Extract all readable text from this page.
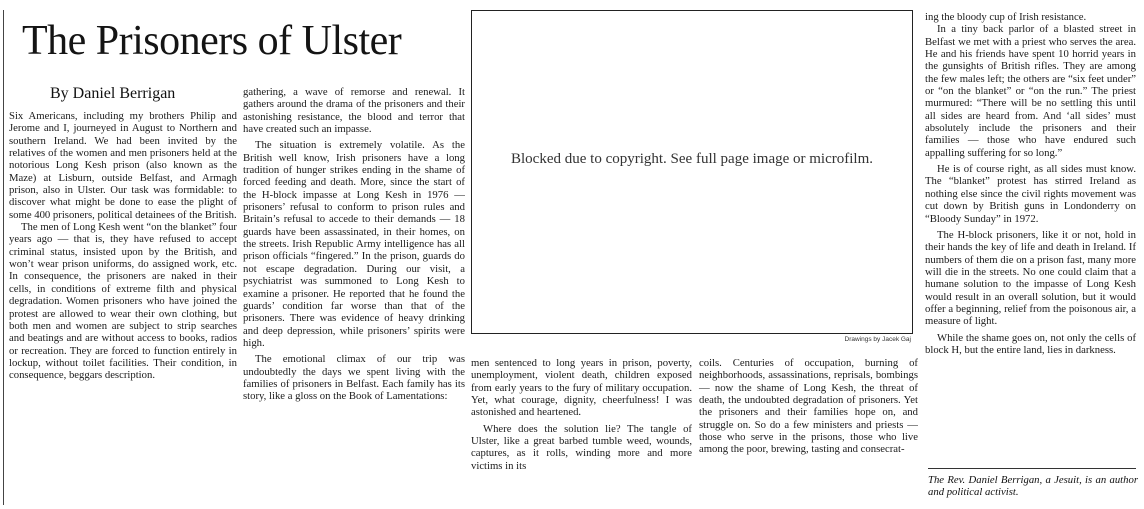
The Prisoners of Ulster
By Daniel Berrigan

Six Americans, including my brothers Philip and Jerome and I, journeyed in August to Northern and southern Ireland. We had been invited by the relatives of the women and men prisoners held at the notorious Long Kesh prison (also known as the Maze) at Lisburn, outside Belfast, and Armagh prison, also in Ulster. Our task was formidable: to discover what might be done to ease the plight of some 400 prisoners, political detainees of the British.

The men of Long Kesh went “on the blanket” four years ago — that is, they have refused to accept criminal status, insisted upon by the British, and won’t wear prison uniforms, do assigned work, etc. In consequence, the prisoners are naked in their cells, in conditions of extreme filth and physical degradation. Women prisoners who have joined the protest are allowed to wear their own clothing, but both men and women are subject to strip searches and beatings and are without access to books, radios or recreation. They are forced to function entirely in lockup, without toilet facilities. Their condition, in consequence, beggars description.

gathering, a wave of remorse and renewal. It gathers around the drama of the prisoners and their astonishing resistance, the blood and terror that have created such an impasse.

The situation is extremely volatile. As the British well know, Irish prisoners have a long tradition of hunger strikes ending in the shame of forced feeding and death. More, since the start of the H-block impasse at Long Kesh in 1976 — prisoners’ refusal to conform to prison rules and Britain’s refusal to accede to their demands — 18 guards have been assassinated, in their homes, on the streets. Irish Republic Army intelligence has all prison officials “fingered.” In the prison, guards do not escape degradation. During our visit, a psychiatrist was summoned to Long Kesh to examine a prisoner. He reported that he found the guards’ condition far worse than that of the prisoners. There was evidence of heavy drinking and deep depression, while prisoners’ spirits were high.

The emotional climax of our trip was undoubtedly the days we spent living with the families of prisoners in Belfast. Each family has its story, like a gloss on the Book of Lamentations:

Blocked due to copyright. See full page image or microfilm.
Drawings by Jacek Gaj

men sentenced to long years in prison, poverty, unemployment, violent death, children exposed from early years to the fury of military occupation. Yet, what courage, dignity, cheerfulness! I was astonished and heartened.

Where does the solution lie? The tangle of Ulster, like a great barbed tumble weed, wounds, captures, as it rolls, winding more and more victims in its

coils. Centuries of occupation, burning of neighborhoods, assassinations, reprisals, bombings — now the shame of Long Kesh, the threat of death, the undoubted degradation of prisoners. Yet the prisoners and their families hope on, and struggle on. So do a few ministers and priests — those who serve in the prisons, those who live among the poor, brewing, tasting and consecrat-

ing the bloody cup of Irish resistance.

In a tiny back parlor of a blasted street in Belfast we met with a priest who serves the area. He and his friends have spent 10 horrid years in the gunsights of British rifles. They are among the few males left; the others are “six feet under” or “on the blanket” or “on the run.” The priest murmured: “There will be no settling this until all sides are heard from. And ‘all sides’ must absolutely include the prisoners and their families — those who have endured such appalling suffering for so long.”

He is of course right, as all sides must know. The “blanket” protest has stirred Ireland as nothing else since the civil rights movement was cut down by British guns in Londonderry on “Bloody Sunday” in 1972.

The H-block prisoners, like it or not, hold in their hands the key of life and death in Ireland. If numbers of them die on a prison fast, many more will die in the streets. No one could claim that a humane solution to the impasse of Long Kesh would result in an overall solution, but it would offer a beginning, relief from the poisonous air, a measure of light.

While the shame goes on, not only the cells of block H, but the entire land, lies in darkness.

The Rev. Daniel Berrigan, a Jesuit, is an author and political activist.
